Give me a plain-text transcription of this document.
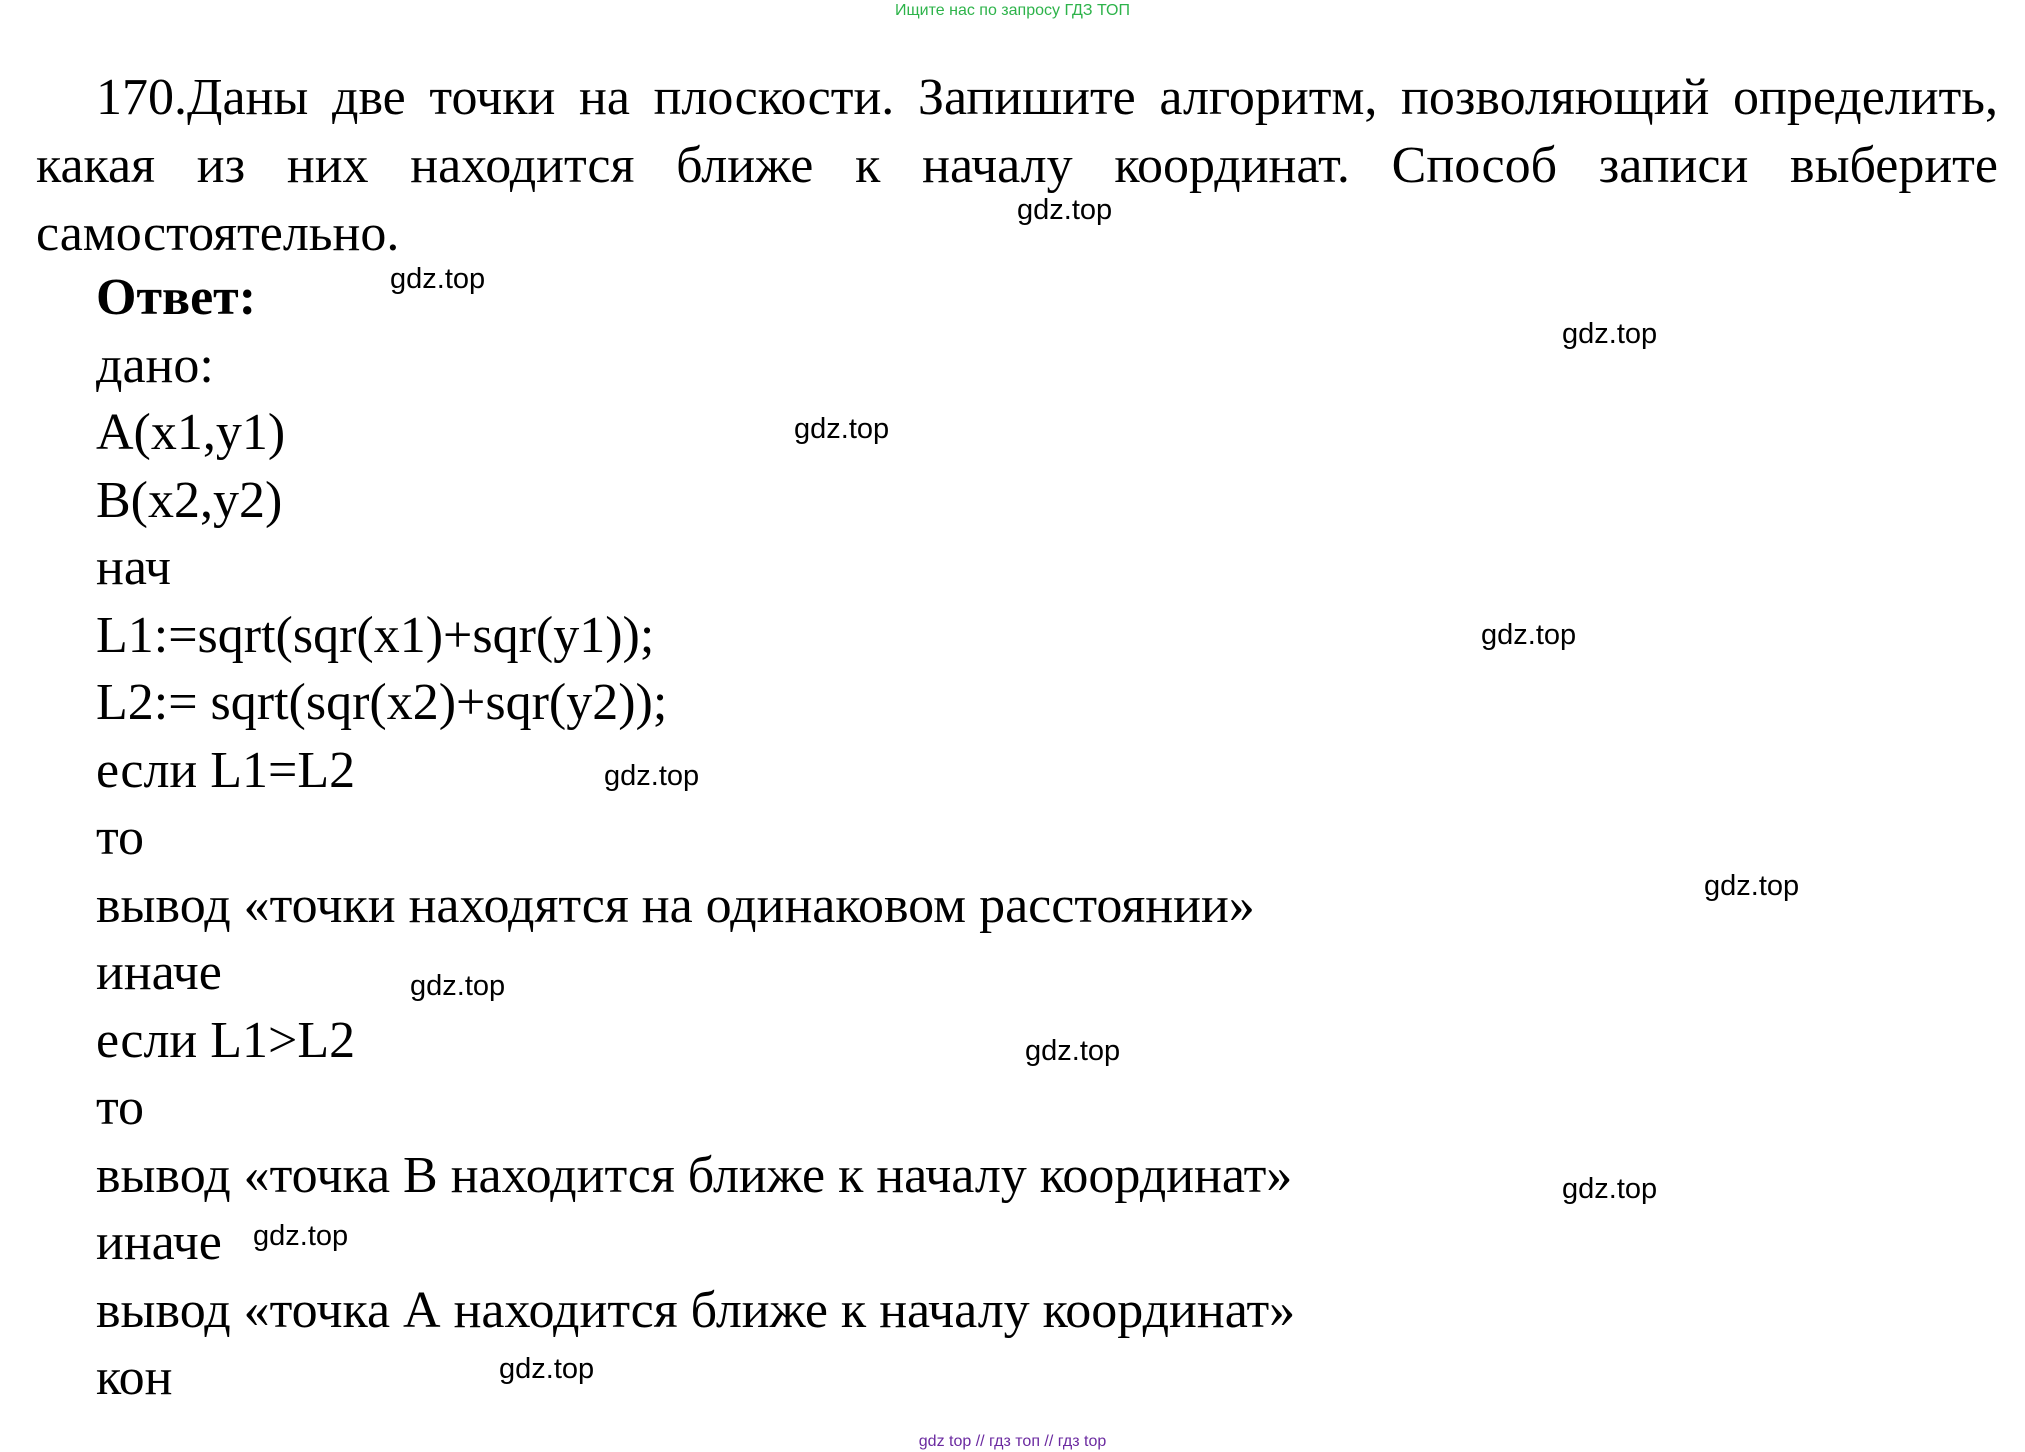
Ищите нас по запросу ГДЗ ТОП

170.Даны две точки на плоскости. Запишите алгоритм, позволяющий определить, какая из них находится ближе к началу координат. Способ записи выберите самостоятельно.

Ответ:
дано:
A(x1,y1)
B(x2,y2)
нач
L1:=sqrt(sqr(x1)+sqr(y1));
L2:= sqrt(sqr(x2)+sqr(y2));
если L1=L2
то
вывод «точки находятся на одинаковом расстоянии»
иначе
если L1>L2
то
вывод «точка В находится ближе к началу координат»
иначе
вывод «точка А находится ближе к началу координат»
кон
gdz.top
gdz.top
gdz.top
gdz.top
gdz.top
gdz.top
gdz.top
gdz.top
gdz.top
gdz.top
gdz.top
gdz.top
gdz top // гдз топ // гдз top
